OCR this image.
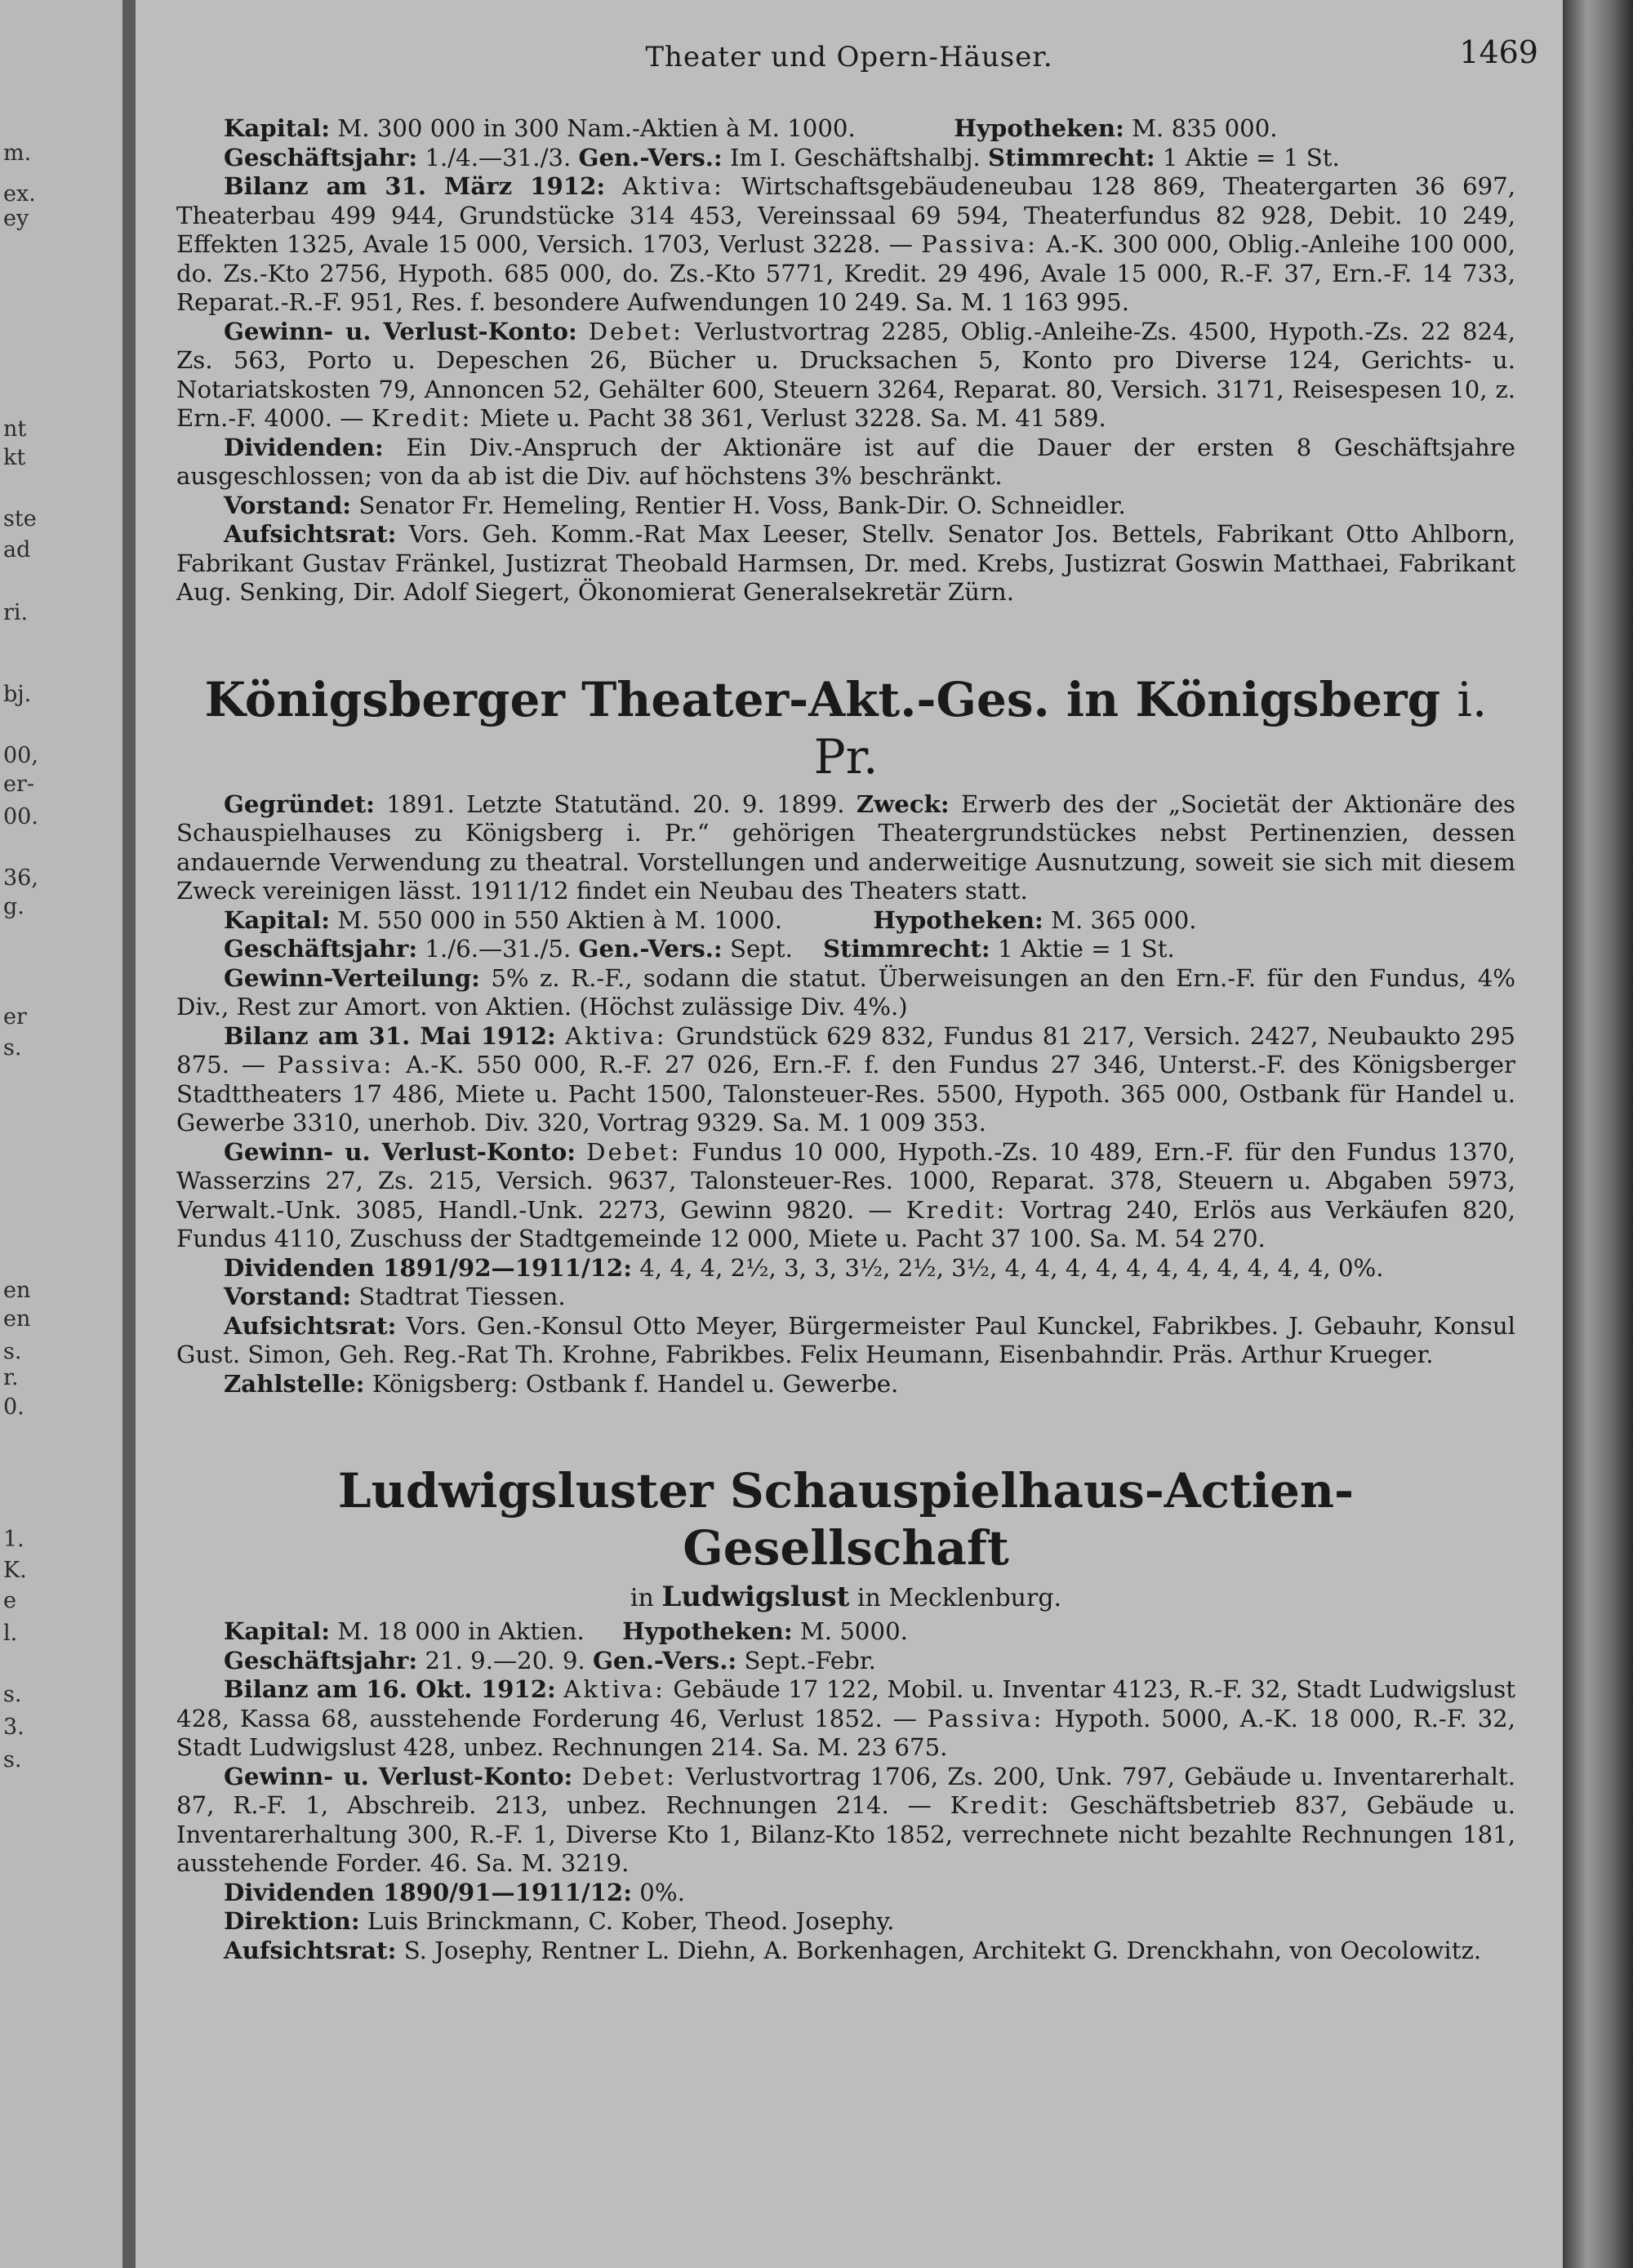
m.
ex.
ey
nt
kt
ste
ad
ri.
bj.
00,
er-
00.
36,
g.
er
s.
en
en
s.
r.
0.
1.
K.
e
l.
s.
3.
s.
Theater und Opern-Häuser.	1469

Kapital: M. 300 000 in 300 Nam.-Aktien à M. 1000.	Hypotheken: M. 835 000.

Geschäftsjahr: 1./4.—31./3. Gen.-Vers.: Im I. Geschäftshalbj. Stimmrecht: 1 Aktie = 1 St.

Bilanz am 31. März 1912: Aktiva: Wirtschaftsgebäudeneubau 128 869, Theatergarten 36 697, Theaterbau 499 944, Grundstücke 314 453, Vereinssaal 69 594, Theaterfundus 82 928, Debit. 10 249, Effekten 1325, Avale 15 000, Versich. 1703, Verlust 3228. — Passiva: A.-K. 300 000, Oblig.-Anleihe 100 000, do. Zs.-Kto 2756, Hypoth. 685 000, do. Zs.-Kto 5771, Kredit. 29 496, Avale 15 000, R.-F. 37, Ern.-F. 14 733, Reparat.-R.-F. 951, Res. f. besondere Aufwendungen 10 249. Sa. M. 1 163 995.

Gewinn- u. Verlust-Konto: Debet: Verlustvortrag 2285, Oblig.-Anleihe-Zs. 4500, Hypoth.-Zs. 22 824, Zs. 563, Porto u. Depeschen 26, Bücher u. Drucksachen 5, Konto pro Diverse 124, Gerichts- u. Notariatskosten 79, Annoncen 52, Gehälter 600, Steuern 3264, Reparat. 80, Versich. 3171, Reisespesen 10, z. Ern.-F. 4000. — Kredit: Miete u. Pacht 38 361, Verlust 3228. Sa. M. 41 589.

Dividenden: Ein Div.-Anspruch der Aktionäre ist auf die Dauer der ersten 8 Geschäftsjahre ausgeschlossen; von da ab ist die Div. auf höchstens 3% beschränkt.

Vorstand: Senator Fr. Hemeling, Rentier H. Voss, Bank-Dir. O. Schneidler.

Aufsichtsrat: Vors. Geh. Komm.-Rat Max Leeser, Stellv. Senator Jos. Bettels, Fabrikant Otto Ahlborn, Fabrikant Gustav Fränkel, Justizrat Theobald Harmsen, Dr. med. Krebs, Justizrat Goswin Matthaei, Fabrikant Aug. Senking, Dir. Adolf Siegert, Ökonomierat Generalsekretär Zürn.

Königsberger Theater-Akt.-Ges. in Königsberg i. Pr.

Gegründet: 1891. Letzte Statutänd. 20. 9. 1899. Zweck: Erwerb des der „Societät der Aktionäre des Schauspielhauses zu Königsberg i. Pr.“ gehörigen Theatergrundstückes nebst Pertinenzien, dessen andauernde Verwendung zu theatral. Vorstellungen und anderweitige Ausnutzung, soweit sie sich mit diesem Zweck vereinigen lässt. 1911/12 findet ein Neubau des Theaters statt.

Kapital: M. 550 000 in 550 Aktien à M. 1000.	Hypotheken: M. 365 000.

Geschäftsjahr: 1./6.—31./5. Gen.-Vers.: Sept. Stimmrecht: 1 Aktie = 1 St.

Gewinn-Verteilung: 5% z. R.-F., sodann die statut. Überweisungen an den Ern.-F. für den Fundus, 4% Div., Rest zur Amort. von Aktien. (Höchst zulässige Div. 4%.)

Bilanz am 31. Mai 1912: Aktiva: Grundstück 629 832, Fundus 81 217, Versich. 2427, Neubaukto 295 875. — Passiva: A.-K. 550 000, R.-F. 27 026, Ern.-F. f. den Fundus 27 346, Unterst.-F. des Königsberger Stadttheaters 17 486, Miete u. Pacht 1500, Talonsteuer-Res. 5500, Hypoth. 365 000, Ostbank für Handel u. Gewerbe 3310, unerhob. Div. 320, Vortrag 9329. Sa. M. 1 009 353.

Gewinn- u. Verlust-Konto: Debet: Fundus 10 000, Hypoth.-Zs. 10 489, Ern.-F. für den Fundus 1370, Wasserzins 27, Zs. 215, Versich. 9637, Talonsteuer-Res. 1000, Reparat. 378, Steuern u. Abgaben 5973, Verwalt.-Unk. 3085, Handl.-Unk. 2273, Gewinn 9820. — Kredit: Vortrag 240, Erlös aus Verkäufen 820, Fundus 4110, Zuschuss der Stadtgemeinde 12 000, Miete u. Pacht 37 100. Sa. M. 54 270.

Dividenden 1891/92—1911/12: 4, 4, 4, 2½, 3, 3, 3½, 2½, 3½, 4, 4, 4, 4, 4, 4, 4, 4, 4, 4, 4, 0%.

Vorstand: Stadtrat Tiessen.

Aufsichtsrat: Vors. Gen.-Konsul Otto Meyer, Bürgermeister Paul Kunckel, Fabrikbes. J. Gebauhr, Konsul Gust. Simon, Geh. Reg.-Rat Th. Krohne, Fabrikbes. Felix Heumann, Eisenbahndir. Präs. Arthur Krueger.

Zahlstelle: Königsberg: Ostbank f. Handel u. Gewerbe.

Ludwigsluster Schauspielhaus-Actien-Gesellschaft
in Ludwigslust in Mecklenburg.

Kapital: M. 18 000 in Aktien. Hypotheken: M. 5000.

Geschäftsjahr: 21. 9.—20. 9. Gen.-Vers.: Sept.-Febr.

Bilanz am 16. Okt. 1912: Aktiva: Gebäude 17 122, Mobil. u. Inventar 4123, R.-F. 32, Stadt Ludwigslust 428, Kassa 68, ausstehende Forderung 46, Verlust 1852. — Passiva: Hypoth. 5000, A.-K. 18 000, R.-F. 32, Stadt Ludwigslust 428, unbez. Rechnungen 214. Sa. M. 23 675.

Gewinn- u. Verlust-Konto: Debet: Verlustvortrag 1706, Zs. 200, Unk. 797, Gebäude u. Inventarerhalt. 87, R.-F. 1, Abschreib. 213, unbez. Rechnungen 214. — Kredit: Geschäftsbetrieb 837, Gebäude u. Inventarerhaltung 300, R.-F. 1, Diverse Kto 1, Bilanz-Kto 1852, verrechnete nicht bezahlte Rechnungen 181, ausstehende Forder. 46. Sa. M. 3219.

Dividenden 1890/91—1911/12: 0%.

Direktion: Luis Brinckmann, C. Kober, Theod. Josephy.

Aufsichtsrat: S. Josephy, Rentner L. Diehn, A. Borkenhagen, Architekt G. Drenckhahn, von Oecolowitz.
